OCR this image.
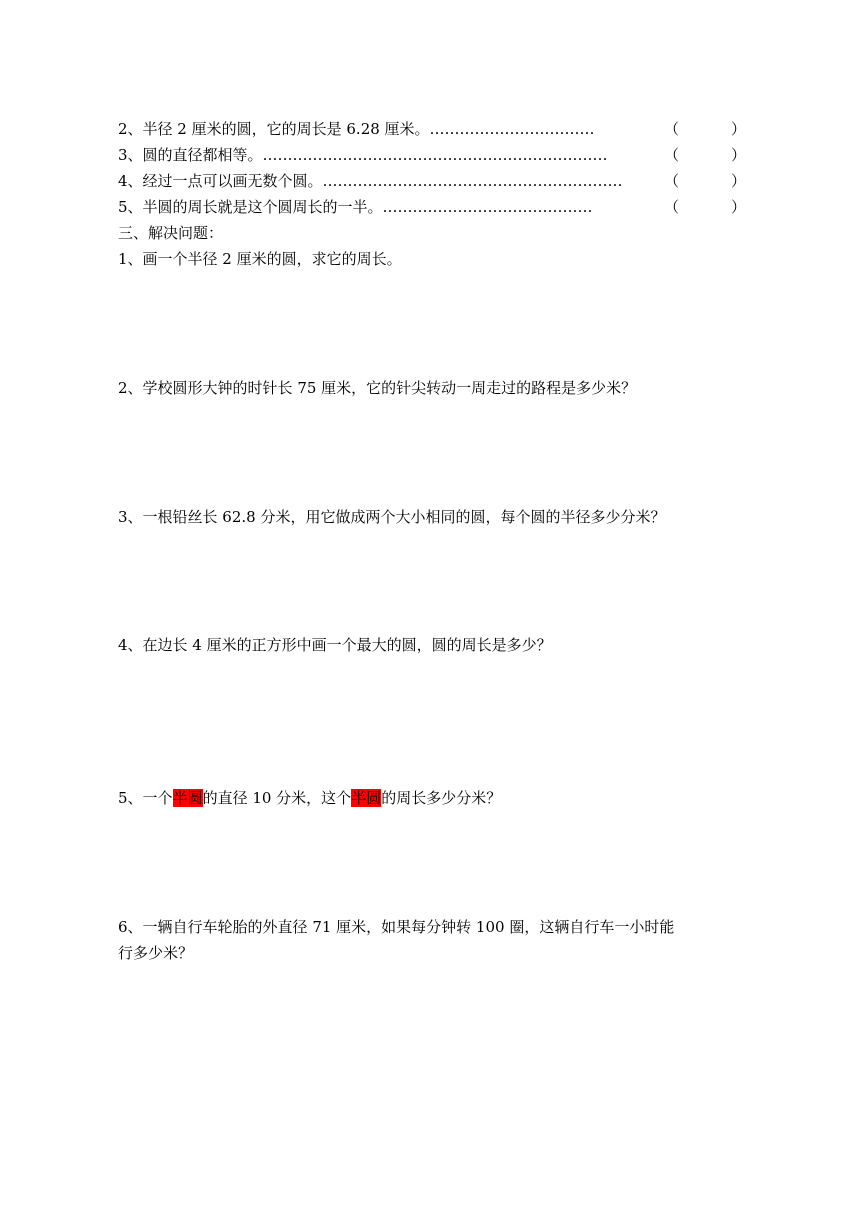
2、半径 2 厘米的圆，它的周长是 6.28 厘米。……………………………	（	）
3、圆的直径都相等。……………………………………………………………	（	）
4、经过一点可以画无数个圆。……………………………………………………	（	）
5、半圆的周长就是这个圆周长的一半。……………………………………	（	）
三、解决问题：
1、画一个半径 2 厘米的圆，求它的周长。
2、学校圆形大钟的时针长 75 厘米，它的针尖转动一周走过的路程是多少米？
3、一根铅丝长 62.8 分米，用它做成两个大小相同的圆，每个圆的半径多少分米？
4、在边长 4 厘米的正方形中画一个最大的圆，圆的周长是多少？
5、一个半圆的直径 10 分米，这个半圆的周长多少分米？
6、一辆自行车轮胎的外直径 71 厘米，如果每分钟转 100 圈，这辆自行车一小时能
行多少米？
